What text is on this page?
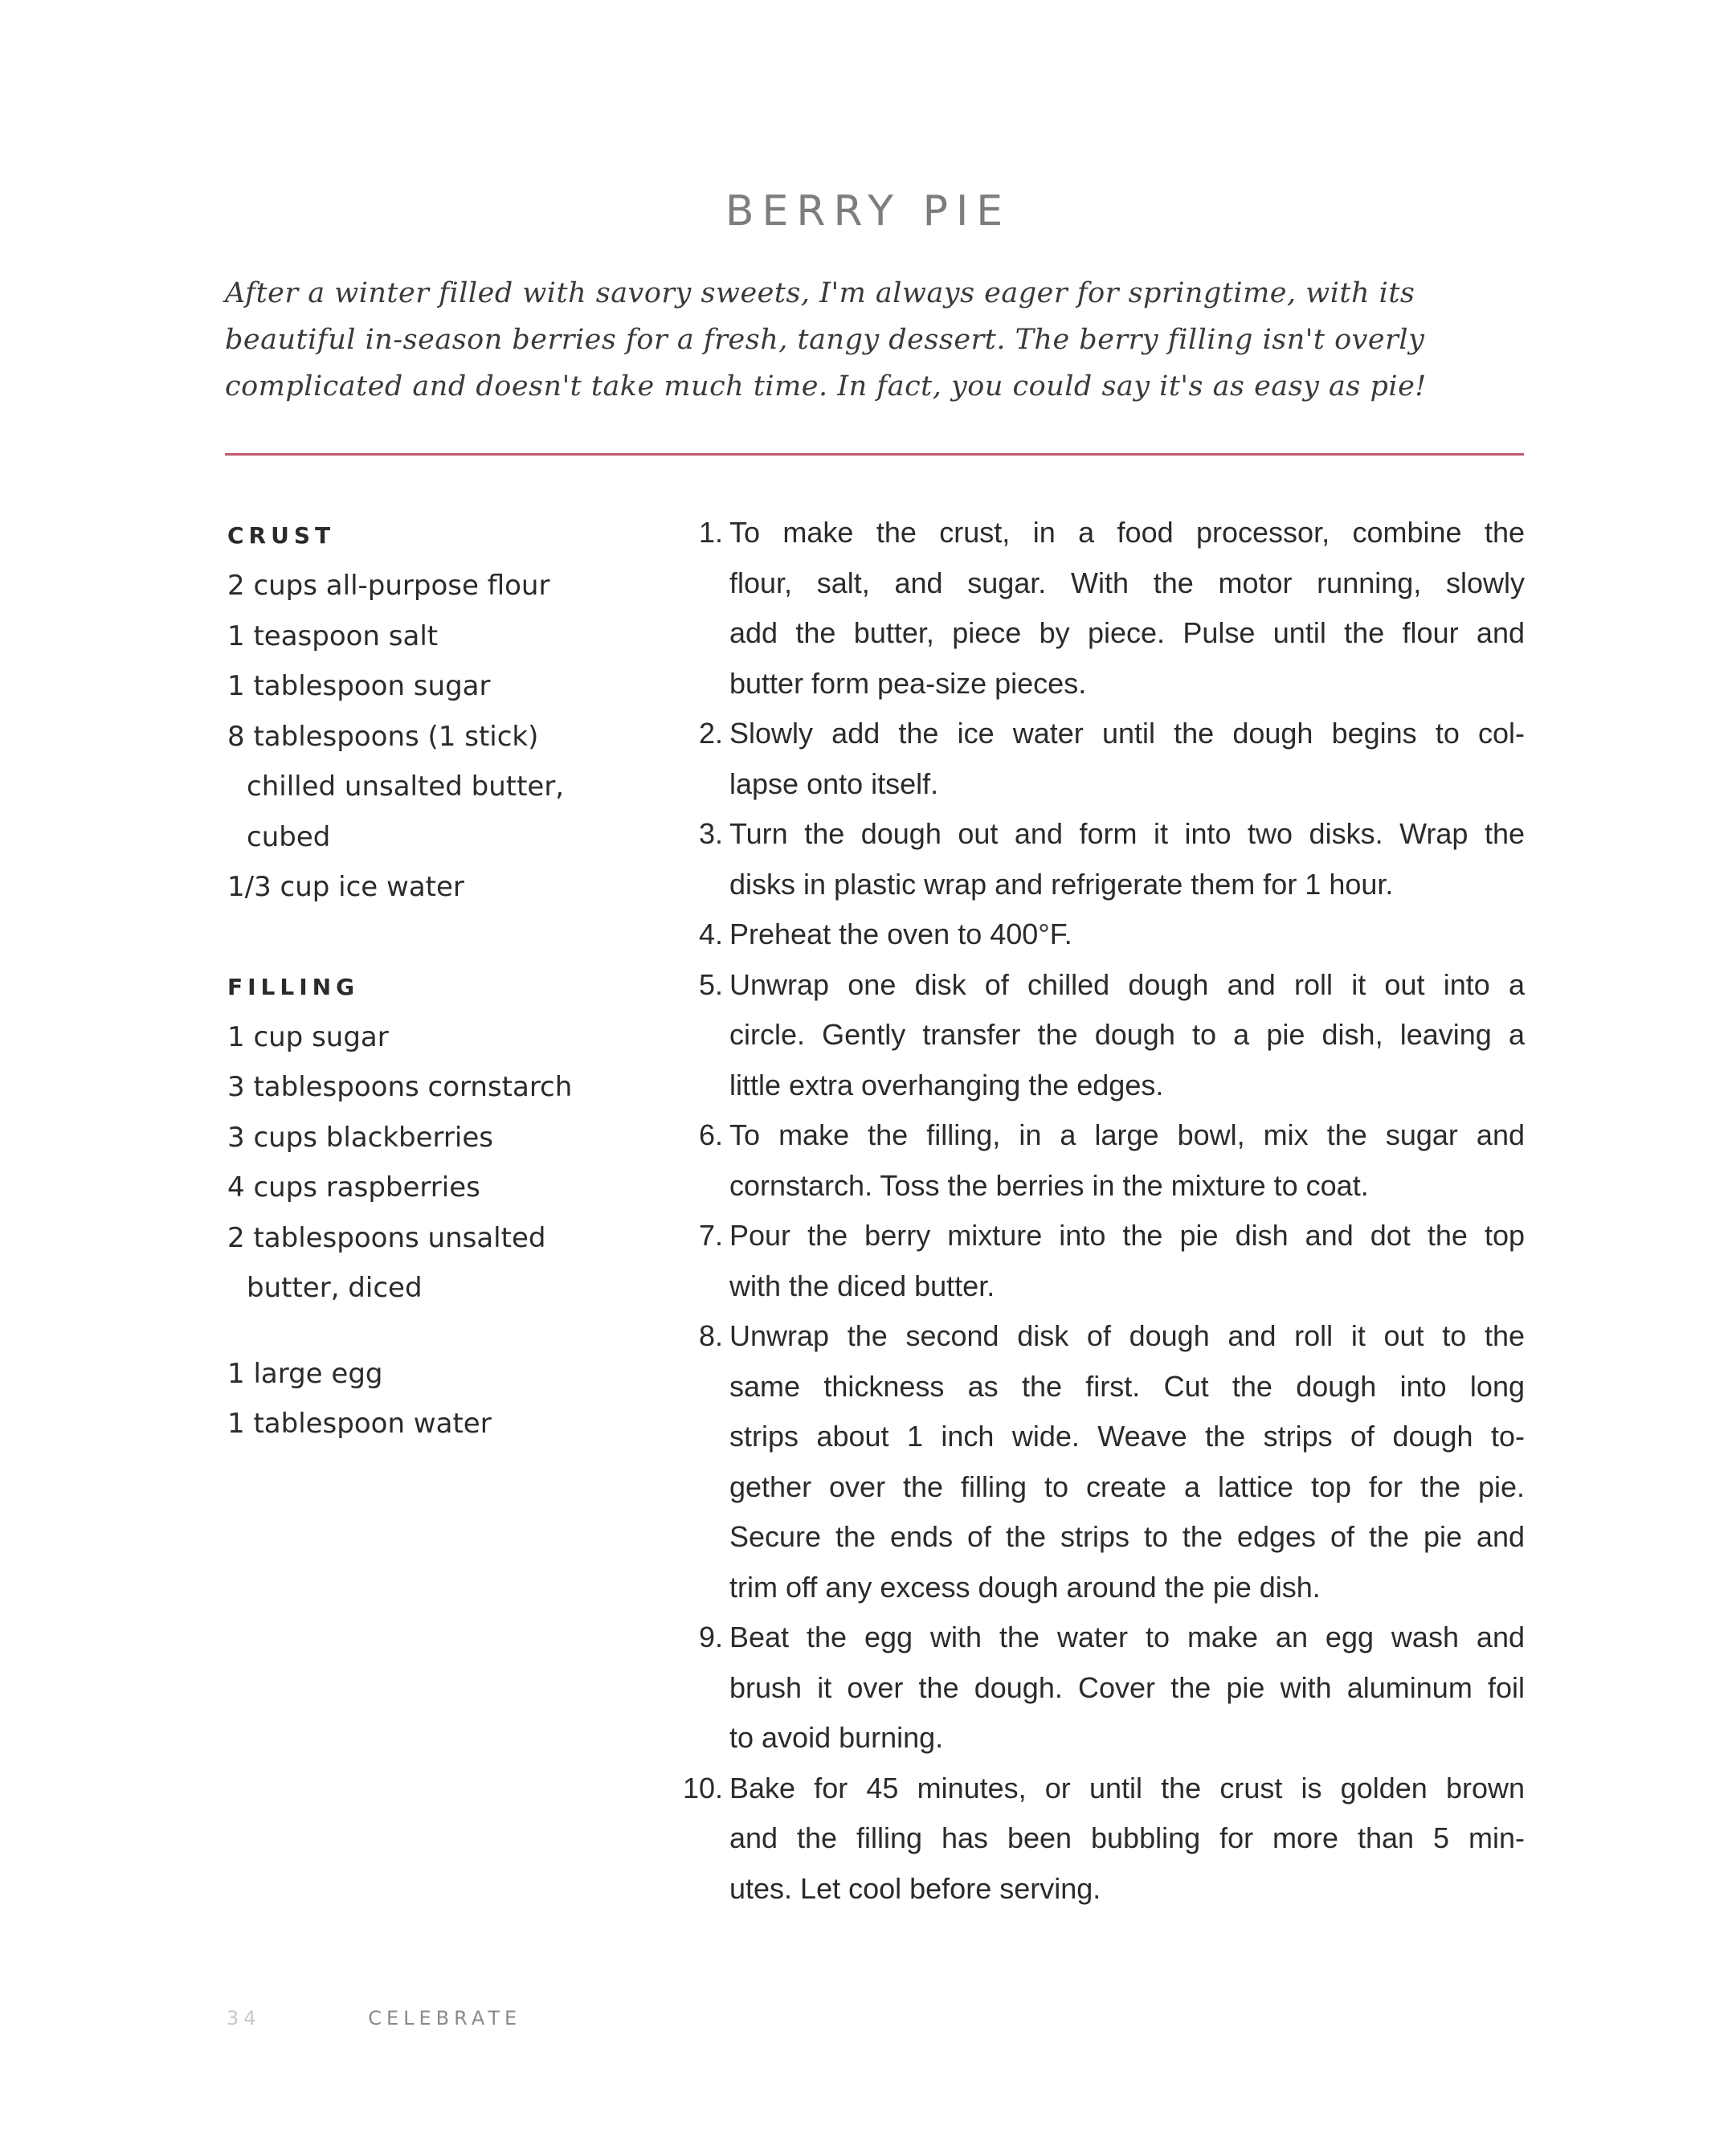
BERRY PIE
After a winter filled with savory sweets, I'm always eager for springtime, with its
beautiful in-season berries for a fresh, tangy dessert. The berry filling isn't overly
complicated and doesn't take much time. In fact, you could say it's as easy as pie!
CRUST
2 cups all-purpose flour
1 teaspoon salt
1 tablespoon sugar
8 tablespoons (1 stick)
chilled unsalted butter,
cubed
1/3 cup ice water
FILLING
1 cup sugar
3 tablespoons cornstarch
3 cups blackberries
4 cups raspberries
2 tablespoons unsalted
butter, diced
1 large egg
1 tablespoon water
1. To make the crust, in a food processor, combine the
flour, salt, and sugar. With the motor running, slowly
add the butter, piece by piece. Pulse until the flour and
butter form pea-size pieces.
2. Slowly add the ice water until the dough begins to col-
lapse onto itself.
3. Turn the dough out and form it into two disks. Wrap the
disks in plastic wrap and refrigerate them for 1 hour.
4. Preheat the oven to 400°F.
5. Unwrap one disk of chilled dough and roll it out into a
circle. Gently transfer the dough to a pie dish, leaving a
little extra overhanging the edges.
6. To make the filling, in a large bowl, mix the sugar and
cornstarch. Toss the berries in the mixture to coat.
7. Pour the berry mixture into the pie dish and dot the top
with the diced butter.
8. Unwrap the second disk of dough and roll it out to the
same thickness as the first. Cut the dough into long
strips about 1 inch wide. Weave the strips of dough to-
gether over the filling to create a lattice top for the pie.
Secure the ends of the strips to the edges of the pie and
trim off any excess dough around the pie dish.
9. Beat the egg with the water to make an egg wash and
brush it over the dough. Cover the pie with aluminum foil
to avoid burning.
10. Bake for 45 minutes, or until the crust is golden brown
and the filling has been bubbling for more than 5 min-
utes. Let cool before serving.
34	CELEBRATE
